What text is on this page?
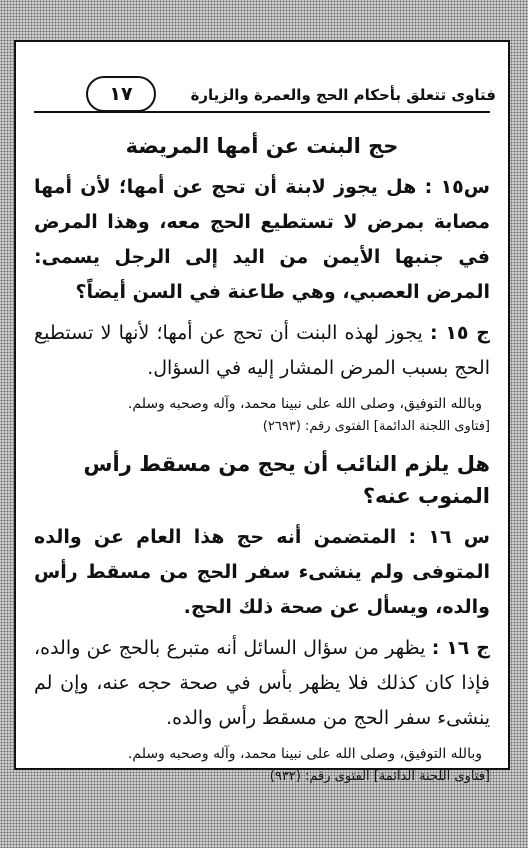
فتاوى تتعلق بأحكام الحج والعمرة والزيارة
١٧
حج البنت عن أمها المريضة

س١٥ : هل يجوز لابنة أن تحج عن أمها؛ لأن أمها مصابة بمرض لا تستطيع الحج معه، وهذا المرض في جنبها الأيمن من اليد إلى الرجل يسمى: المرض العصبي، وهي طاعنة في السن أيضاً؟

ج ١٥ : يجوز لهذه البنت أن تحج عن أمها؛ لأنها لا تستطيع الحج بسبب المرض المشار إليه في السؤال.

وبالله التوفيق، وصلى الله على نبينا محمد، وآله وصحبه وسلم.

[فتاوى اللجنة الدائمة] الفتوى رقم: (٢٦٩٣)

هل يلزم النائب أن يحج من مسقط رأس المنوب عنه؟

س ١٦ : المتضمن أنه حج هذا العام عن والده المتوفى ولم ينشىء سفر الحج من مسقط رأس والده، ويسأل عن صحة ذلك الحج.

ج ١٦ : يظهر من سؤال السائل أنه متبرع بالحج عن والده، فإذا كان كذلك فلا يظهر بأس في صحة حجه عنه، وإن لم ينشىء سفر الحج من مسقط رأس والده.

وبالله التوفيق، وصلى الله على نبينا محمد، وآله وصحبه وسلم.

[فتاوى اللجنة الدائمة] الفتوى رقم: (٩٣٢)
